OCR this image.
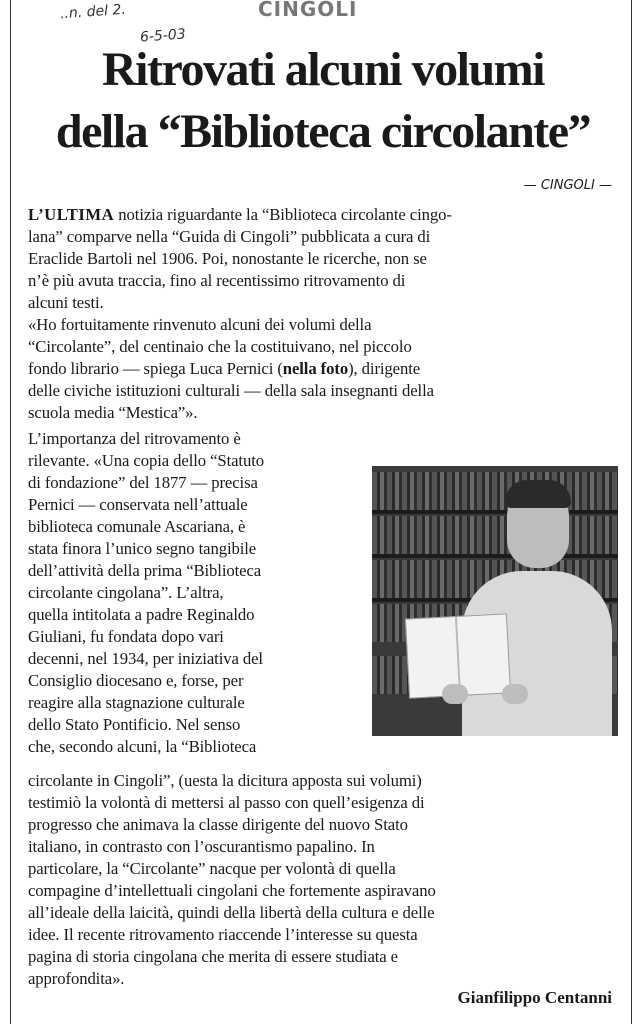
..n. del 2.
6-5-03
CINGOLI
Ritrovati alcuni volumi
della “Biblioteca circolante”
— CINGOLI —
L’ULTIMA notizia riguardante la “Biblioteca circolante cingo-
lana” comparve nella “Guida di Cingoli” pubblicata a cura di
Eraclide Bartoli nel 1906. Poi, nonostante le ricerche, non se
n’è più avuta traccia, fino al recentissimo ritrovamento di
alcuni testi.
«Ho fortuitamente rinvenuto alcuni dei volumi della
“Circolante”, del centinaio che la costituivano, nel piccolo
fondo librario — spiega Luca Pernici (nella foto), dirigente
delle civiche istituzioni culturali — della sala insegnanti della
scuola media “Mestica”».
L’importanza del ritrovamento è
rilevante. «Una copia dello “Statuto
di fondazione” del 1877 — precisa
Pernici — conservata nell’attuale
biblioteca comunale Ascariana, è
stata finora l’unico segno tangibile
dell’attività della prima “Biblioteca
circolante cingolana”. L’altra,
quella intitolata a padre Reginaldo
Giuliani, fu fondata dopo vari
decenni, nel 1934, per iniziativa del
Consiglio diocesano e, forse, per
reagire alla stagnazione culturale
dello Stato Pontificio. Nel senso
che, secondo alcuni, la “Biblioteca
circolante in Cingoli”, (uesta la dicitura apposta sui volumi)
testimiò la volontà di mettersi al passo con quell’esigenza di
progresso che animava la classe dirigente del nuovo Stato
italiano, in contrasto con l’oscurantismo papalino. In
particolare, la “Circolante” nacque per volontà di quella
compagine d’intellettuali cingolani che fortemente aspiravano
all’ideale della laicità, quindi della libertà della cultura e delle
idee. Il recente ritrovamento riaccende l’interesse su questa
pagina di storia cingolana che merita di essere studiata e
approfondita».
Gianfilippo Centanni
